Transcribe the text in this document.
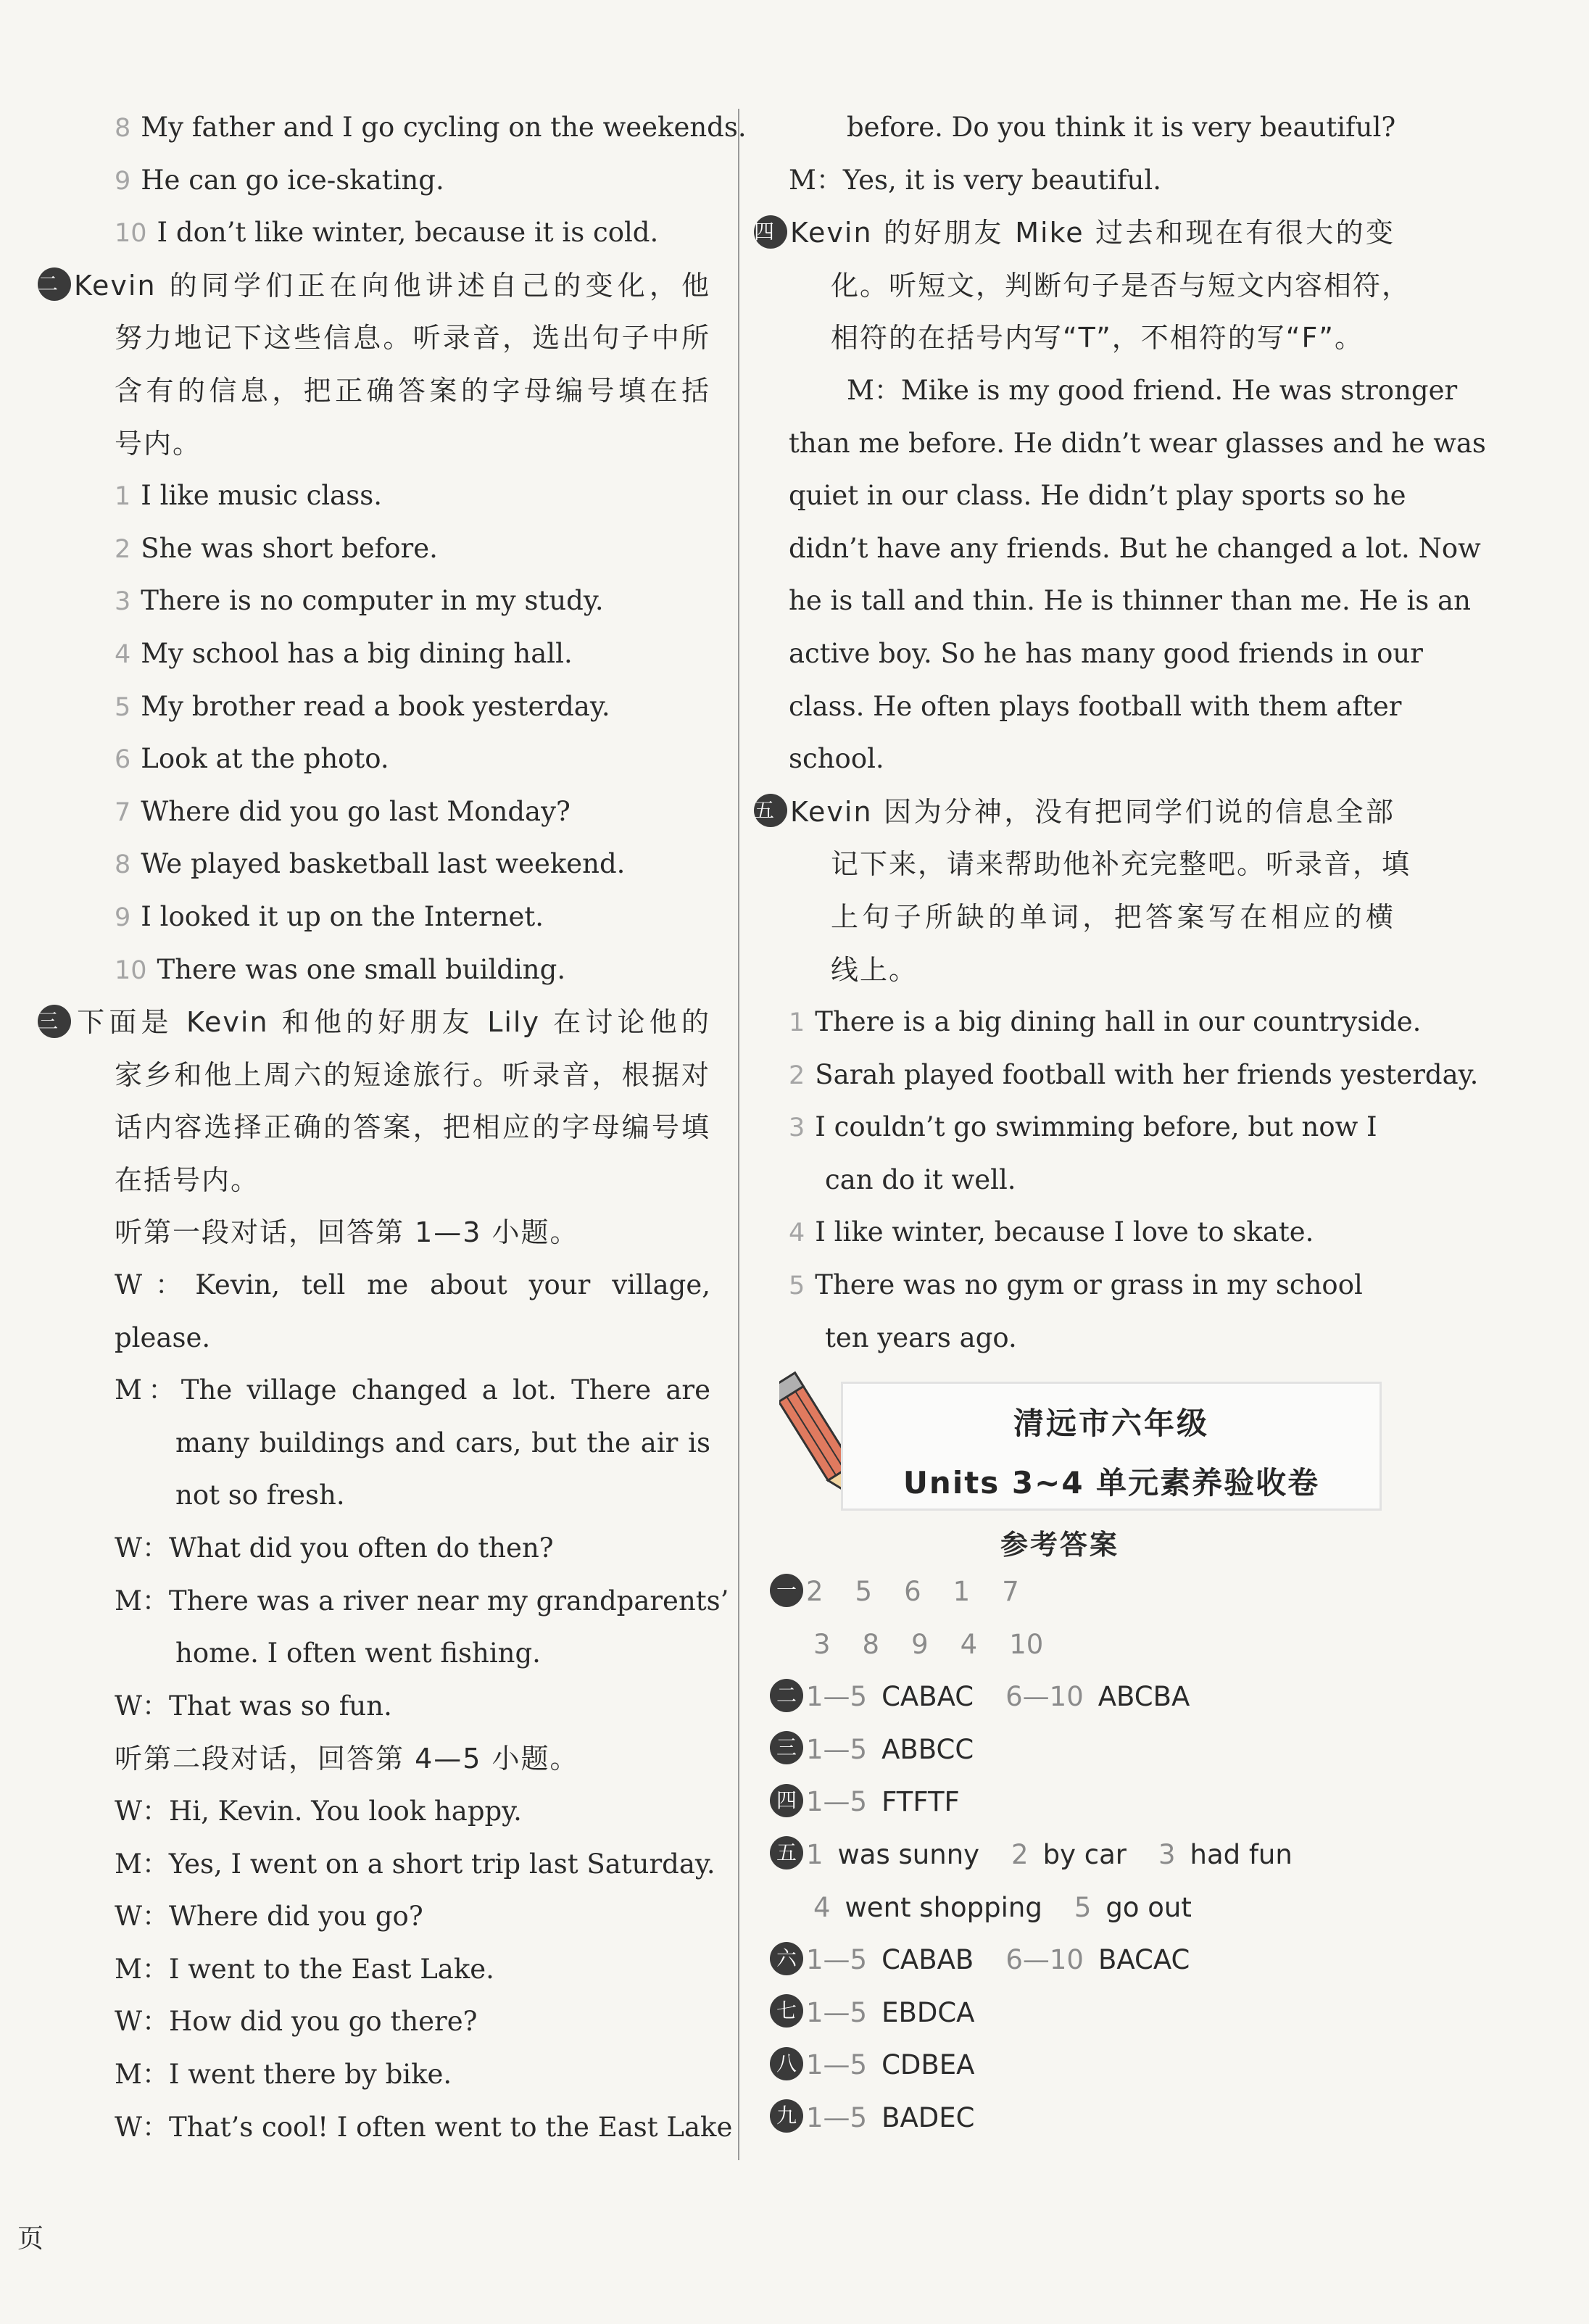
8 My father and I go cycling on the weekends.
9 He can go ice-skating.
10 I don’t like winter, because it is cold.
二 Kevin 的同学们正在向他讲述自己的变化，他
努力地记下这些信息。听录音，选出句子中所
含有的信息，把正确答案的字母编号填在括
号内。
1 I like music class.
2 She was short before.
3 There is no computer in my study.
4 My school has a big dining hall.
5 My brother read a book yesterday.
6 Look at the photo.
7 Where did you go last Monday?
8 We played basketball last weekend.
9 I looked it up on the Internet.
10 There was one small building.
三 下面是 Kevin 和他的好朋友 Lily 在讨论他的
家乡和他上周六的短途旅行。听录音，根据对
话内容选择正确的答案，把相应的字母编号填
在括号内。
听第一段对话，回答第 1—3 小题。
W：Kevin, tell me about your village,
please.
M：The village changed a lot. There are
many buildings and cars, but the air is
not so fresh.
W：What did you often do then?
M：There was a river near my grandparents’
home. I often went fishing.
W：That was so fun.
听第二段对话，回答第 4—5 小题。
W：Hi, Kevin. You look happy.
M：Yes, I went on a short trip last Saturday.
W：Where did you go?
M：I went to the East Lake.
W：How did you go there?
M：I went there by bike.
W：That’s cool! I often went to the East Lake
before. Do you think it is very beautiful?
M：Yes, it is very beautiful.
四 Kevin 的好朋友 Mike 过去和现在有很大的变
化。听短文，判断句子是否与短文内容相符，
相符的在括号内写“T”，不相符的写“F”。
M：Mike is my good friend. He was stronger
than me before. He didn’t wear glasses and he was
quiet in our class. He didn’t play sports so he
didn’t have any friends. But he changed a lot. Now
he is tall and thin. He is thinner than me. He is an
active boy. So he has many good friends in our
class. He often plays football with them after
school.
五 Kevin 因为分神，没有把同学们说的信息全部
记下来，请来帮助他补充完整吧。听录音，填
上句子所缺的单词，把答案写在相应的横
线上。
1 There is a big dining hall in our countryside.
2 Sarah played football with her friends yesterday.
3 I couldn’t go swimming before, but now I
can do it well.
4 I like winter, because I love to skate.
5 There was no gym or grass in my school
ten years ago.
清远市六年级
Units 3~4 单元素养验收卷
参考答案
一 2 5 6 1 7
3 8 9 4 10
二 1—5 CABAC 6—10 ABCBA
三 1—5 ABBCC
四 1—5 FTFTF
五 1 was sunny 2 by car 3 had fun
4 went shopping 5 go out
六 1—5 CABAB 6—10 BACAC
七 1—5 EBDCA
八 1—5 CDBEA
九 1—5 BADEC
页
